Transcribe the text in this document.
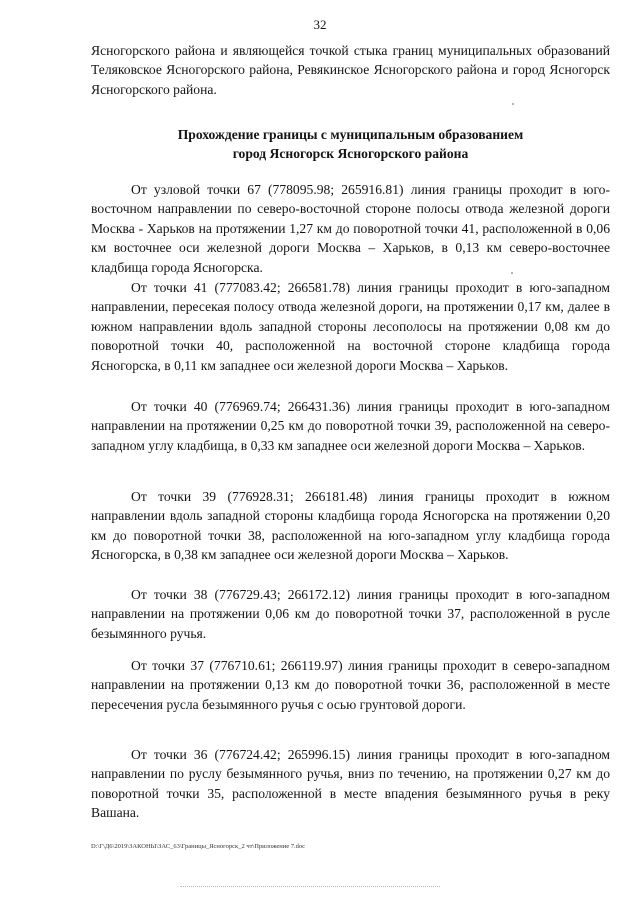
32

Ясногорского района и являющейся точкой стыка границ муниципальных образований Теляковское Ясногорского района, Ревякинское Ясногорского района и город Ясногорск Ясногорского района.

Прохождение границы с муниципальным образованием
город Ясногорск Ясногорского района

От узловой точки 67 (778095.98; 265916.81) линия границы проходит в юго-восточном направлении по северо-восточной стороне полосы отвода железной дороги Москва - Харьков на протяжении 1,27 км до поворотной точки 41, расположенной в 0,06 км восточнее оси железной дороги Москва – Харьков, в 0,13 км северо-восточнее кладбища города Ясногорска.

От точки 41 (777083.42; 266581.78) линия границы проходит в юго-западном направлении, пересекая полосу отвода железной дороги, на протяжении 0,17 км, далее в южном направлении вдоль западной стороны лесополосы на протяжении 0,08 км до поворотной точки 40, расположенной на восточной стороне кладбища города Ясногорска, в 0,11 км западнее оси железной дороги Москва – Харьков.

От точки 40 (776969.74; 266431.36) линия границы проходит в юго-западном направлении на протяжении 0,25 км до поворотной точки 39, расположенной на северо-западном углу кладбища, в 0,33 км западнее оси железной дороги Москва – Харьков.

От точки 39 (776928.31; 266181.48) линия границы проходит в южном направлении вдоль западной стороны кладбища города Ясногорска на протяжении 0,20 км до поворотной точки 38, расположенной на юго-западном углу кладбища города Ясногорска, в 0,38 км западнее оси железной дороги Москва – Харьков.

От точки 38 (776729.43; 266172.12) линия границы проходит в юго-западном направлении на протяжении 0,06 км до поворотной точки 37, расположенной в русле безымянного ручья.

От точки 37 (776710.61; 266119.97) линия границы проходит в северо-западном направлении на протяжении 0,13 км до поворотной точки 36, расположенной в месте пересечения русла безымянного ручья с осью грунтовой дороги.

От точки 36 (776724.42; 265996.15) линия границы проходит в юго-западном направлении по руслу безымянного ручья, вниз по течению, на протяжении 0,27 км до поворотной точки 35, расположенной в месте впадения безымянного ручья в реку Вашана.

D:\Г\Д6\2019\ЗАКОНЫ\ЗАС_63\Границы_Ясногорск_2 чт\Приложение 7.doc
